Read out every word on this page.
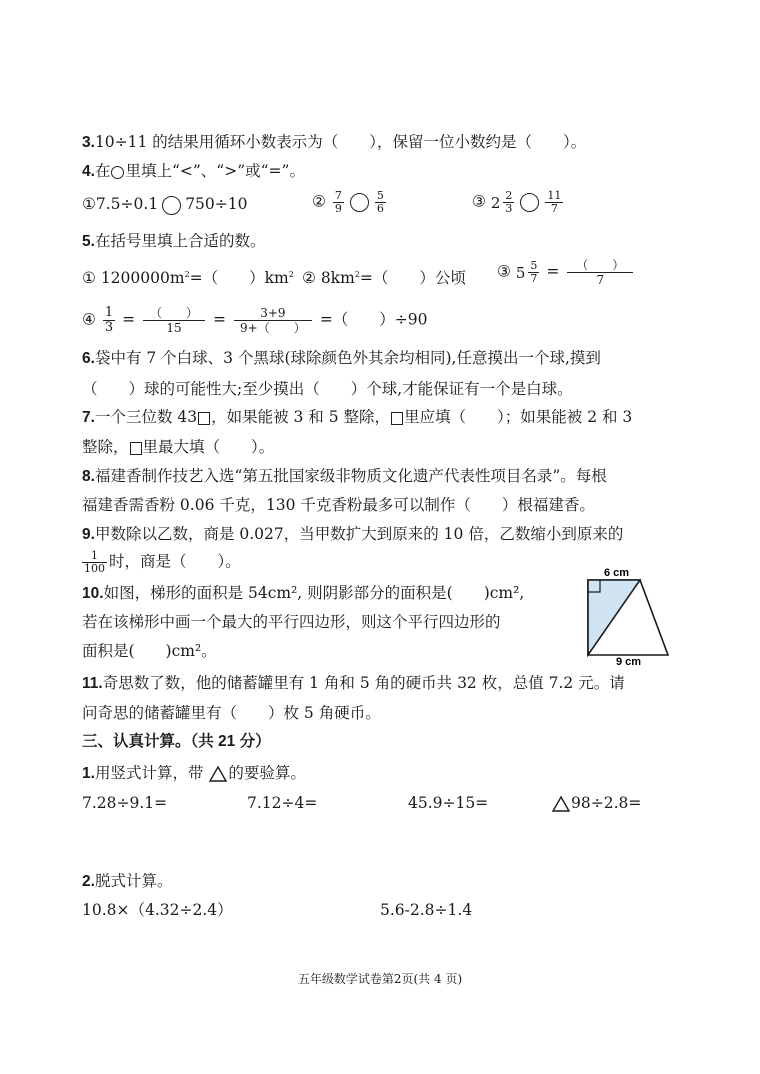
3.10÷11 的结果用循环小数表示为（　　），保留一位小数约是（　　）。
4.在 里填上“<”、“>”或“=”。
①7.5÷0.1 750÷10	② $\frac{7}{9}$	$\frac{5}{6}$	③ $2 \frac{2}{3}$	$\frac{11}{7}$
5.在括号里填上合适的数。
① $1200000m^2=$（　　）$km^2$ ② $8km^2=$（　　）公顷 ③ $5 \frac{5}{7}$ =	（　　）
7
④ $\frac{1}{3}$ =	（　　）
$15 = \frac{3+9}{9+( )}$ =（　　）÷90
6.袋中有 7 个白球、3 个黑球(球除颜色外其余均相同),任意摸出一个球,摸到
（　　）球的可能性大;至少摸出（　　）个球,才能保证有一个是白球。
7.一个三位数 43 ，如果能被 3 和 5 整除， 里应填（　　）；如果能被 2 和 3
整除， 里最大填（　　）。
8.福建香制作技艺入选“第五批国家级非物质文化遗产代表性项目名录”。每根
福建香需香粉 0.06 千克，130 千克香粉最多可以制作（　　）根福建香。
9.甲数除以乙数，商是 0.027，当甲数扩大到原来的 10 倍，乙数缩小到原来的
$\frac{1}{100}$ 时，商是（　　）。
10.如图，梯形的面积是 54cm², 则阴影部分的面积是(　　)cm²,
若在该梯形中画一个最大的平行四边形，则这个平行四边形的
面积是(　　)cm²。
6 cm
9 cm
11.奇思数了数，他的储蓄罐里有 1 角和 5 角的硬币共 32 枚，总值 7.2 元。请
问奇思的储蓄罐里有（　　）枚 5 角硬币。
三、认真计算。（共 21 分）
1.用竖式计算，带 的要验算。
7.28÷9.1=	7.12÷4=	45.9÷15=	98÷2.8=
2.脱式计算。
10.8×（4.32÷2.4）	5.6-2.8÷1.4
五年级数学试卷第2页(共 4 页)
